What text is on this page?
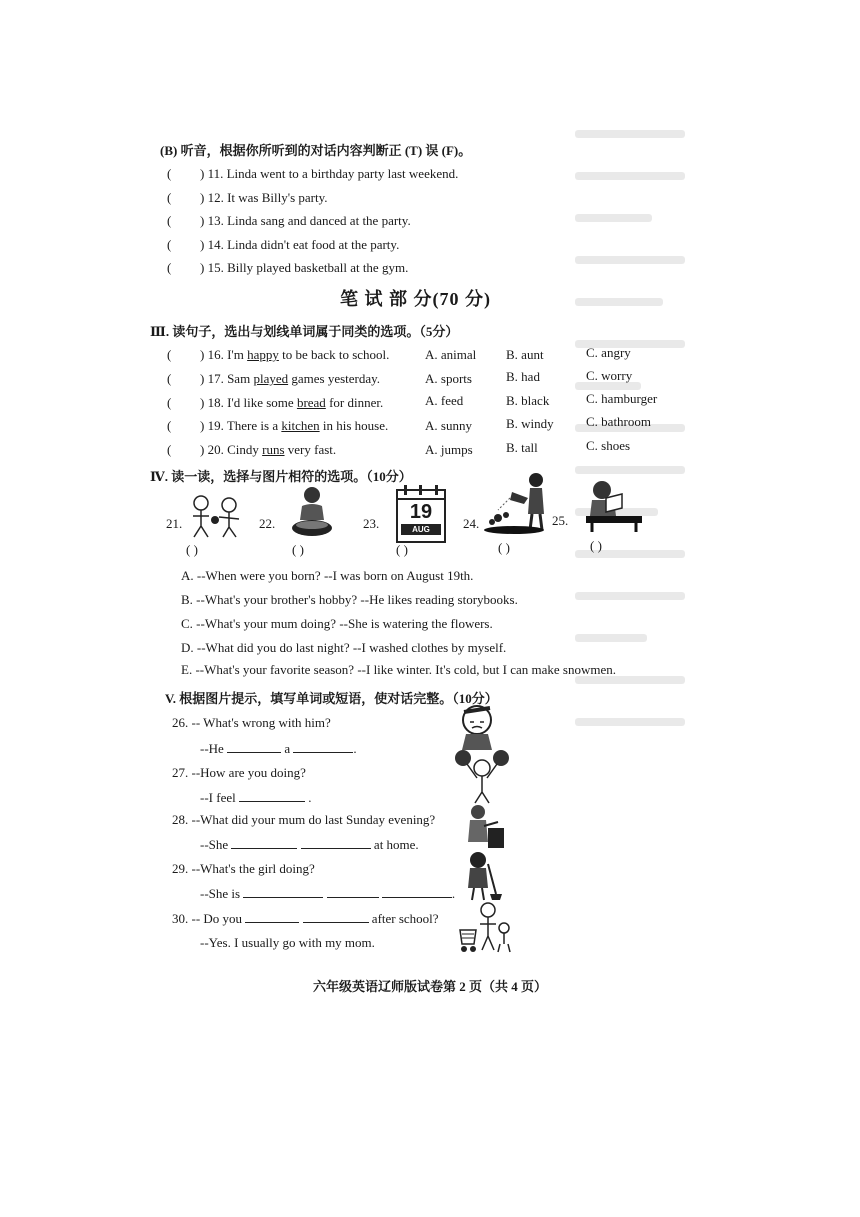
(B) 听音，根据你所听到的对话内容判断正 (T) 误 (F)。
( ) 11. Linda went to a birthday party last weekend.
( ) 12. It was Billy's party.
( ) 13. Linda sang and danced at the party.
( ) 14. Linda didn't eat food at the party.
( ) 15. Billy played basketball at the gym.
笔 试 部 分(70 分)
Ⅲ. 读句子，选出与划线单词属于同类的选项。（5分）
( ) 16. I'm happy to be back to school.	A. animal B. aunt	C. angry
( ) 17. Sam played games yesterday.	A. sports	B. had	C. worry
( ) 18. I'd like some bread for dinner.	A. feed	B. black	C. hamburger
( ) 19. There is a kitchen in his house.	A. sunny	B. windy C. bathroom
( ) 20. Cindy runs very fast.	A. jumps	B. tall	C. shoes
Ⅳ. 读一读，选择与图片相符的选项。（10分）
21.	22.	23.
19
AUG	24.	25.
( )	( )	( )	( )	( )
A. --When were you born? --I was born on August 19th.
B. --What's your brother's hobby? --He likes reading storybooks.
C. --What's your mum doing? --She is watering the flowers.
D. --What did you do last night? --I washed clothes by myself.
E. --What's your favorite season? --I like winter. It's cold, but I can make snowmen.
V. 根据图片提示，填写单词或短语，使对话完整。（10分）
26. -- What's wrong with him?
--He	a	.
27. --How are you doing?
--I feel	.
28. --What did your mum do last Sunday evening?
--She	at home.
29. --What's the girl doing?
--She is	.
30. -- Do you	after school?
--Yes. I usually go with my mom.
六年级英语辽师版试卷第 2 页（共 4 页）
